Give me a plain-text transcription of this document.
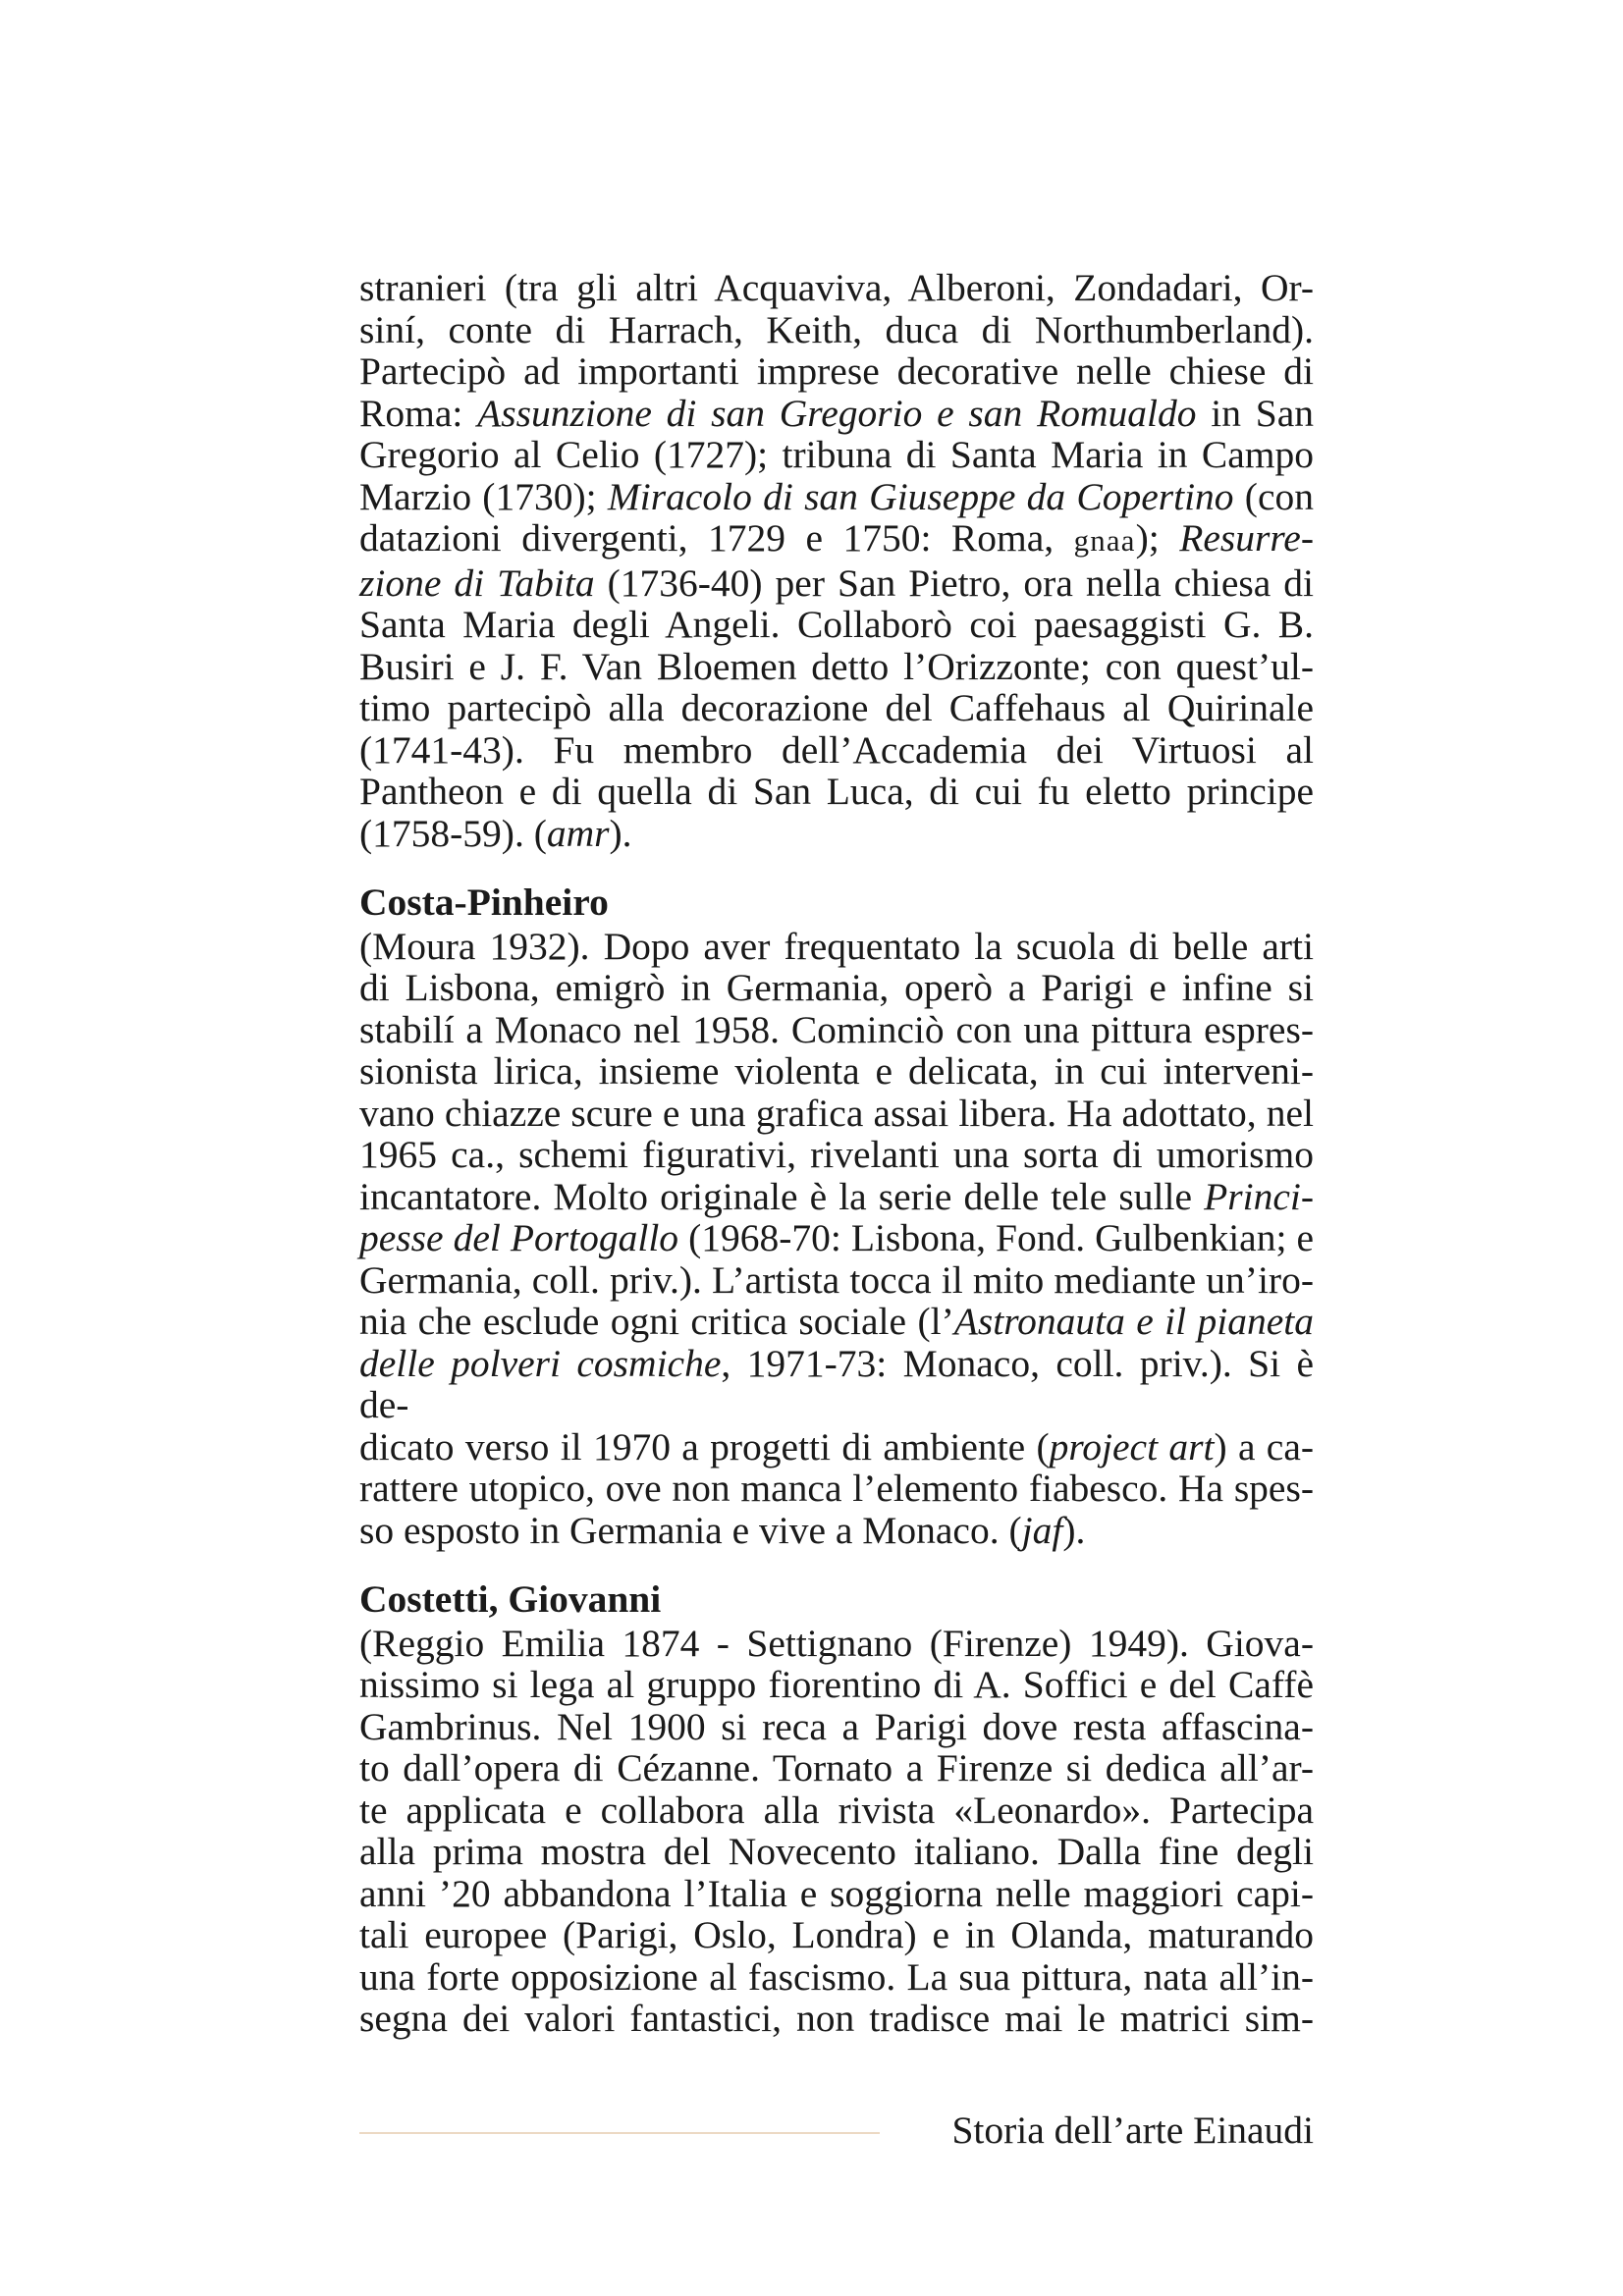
stranieri (tra gli altri Acquaviva, Alberoni, Zondadari, Or-
siní, conte di Harrach, Keith, duca di Northumberland).
Partecipò ad importanti imprese decorative nelle chiese di
Roma: Assunzione di san Gregorio e san Romualdo in San
Gregorio al Celio (1727); tribuna di Santa Maria in Campo
Marzio (1730); Miracolo di san Giuseppe da Copertino (con
datazioni divergenti, 1729 e 1750: Roma, gnaa); Resurre-
zione di Tabita (1736-40) per San Pietro, ora nella chiesa di
Santa Maria degli Angeli. Collaborò coi paesaggisti G. B.
Busiri e J. F. Van Bloemen detto l’Orizzonte; con quest’ul-
timo partecipò alla decorazione del Caffehaus al Quirinale
(1741-43). Fu membro dell’Accademia dei Virtuosi al
Pantheon e di quella di San Luca, di cui fu eletto principe
(1758-59). (amr).
Costa-Pinheiro
(Moura 1932). Dopo aver frequentato la scuola di belle arti
di Lisbona, emigrò in Germania, operò a Parigi e infine si
stabilí a Monaco nel 1958. Cominciò con una pittura espres-
sionista lirica, insieme violenta e delicata, in cui interveni-
vano chiazze scure e una grafica assai libera. Ha adottato, nel
1965 ca., schemi figurativi, rivelanti una sorta di umorismo
incantatore. Molto originale è la serie delle tele sulle Princi-
pesse del Portogallo (1968-70: Lisbona, Fond. Gulbenkian; e
Germania, coll. priv.). L’artista tocca il mito mediante un’iro-
nia che esclude ogni critica sociale (l’Astronauta e il pianeta
delle polveri cosmiche, 1971-73: Monaco, coll. priv.). Si è de-
dicato verso il 1970 a progetti di ambiente (project art) a ca-
rattere utopico, ove non manca l’elemento fiabesco. Ha spes-
so esposto in Germania e vive a Monaco. (jaf).
Costetti, Giovanni
(Reggio Emilia 1874 - Settignano (Firenze) 1949). Giova-
nissimo si lega al gruppo fiorentino di A. Soffici e del Caffè
Gambrinus. Nel 1900 si reca a Parigi dove resta affascina-
to dall’opera di Cézanne. Tornato a Firenze si dedica all’ar-
te applicata e collabora alla rivista «Leonardo». Partecipa
alla prima mostra del Novecento italiano. Dalla fine degli
anni ’20 abbandona l’Italia e soggiorna nelle maggiori capi-
tali europee (Parigi, Oslo, Londra) e in Olanda, maturando
una forte opposizione al fascismo. La sua pittura, nata all’in-
segna dei valori fantastici, non tradisce mai le matrici sim-
Storia dell’arte Einaudi
